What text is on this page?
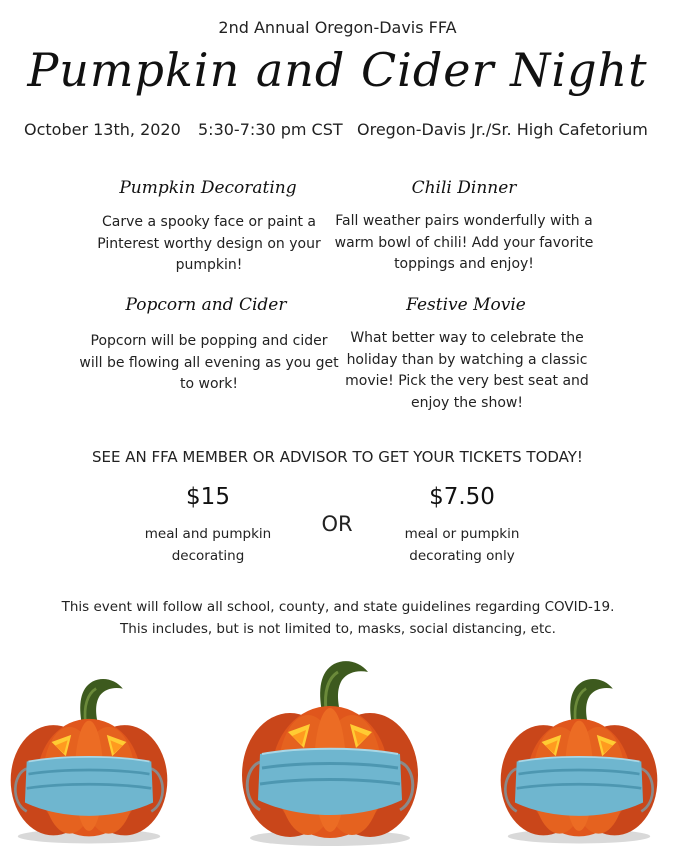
2nd Annual Oregon-Davis FFA
Pumpkin and Cider Night
October 13th, 2020 5:30-7:30 pm CST Oregon-Davis Jr./Sr. High Cafetorium
Pumpkin Decorating
Carve a spooky face or paint a Pinterest worthy design on your pumpkin!
Chili Dinner
Fall weather pairs wonderfully with a warm bowl of chili! Add your favorite toppings and enjoy!
Popcorn and Cider
Popcorn will be popping and cider will be flowing all evening as you get to work!
Festive Movie
What better way to celebrate the holiday than by watching a classic movie! Pick the very best seat and enjoy the show!
SEE AN FFA MEMBER OR ADVISOR TO GET YOUR TICKETS TODAY!
$15
meal and pumpkin decorating
OR
$7.50
meal or pumpkin decorating only
This event will follow all school, county, and state guidelines regarding COVID-19. This includes, but is not limited to, masks, social distancing, etc.
